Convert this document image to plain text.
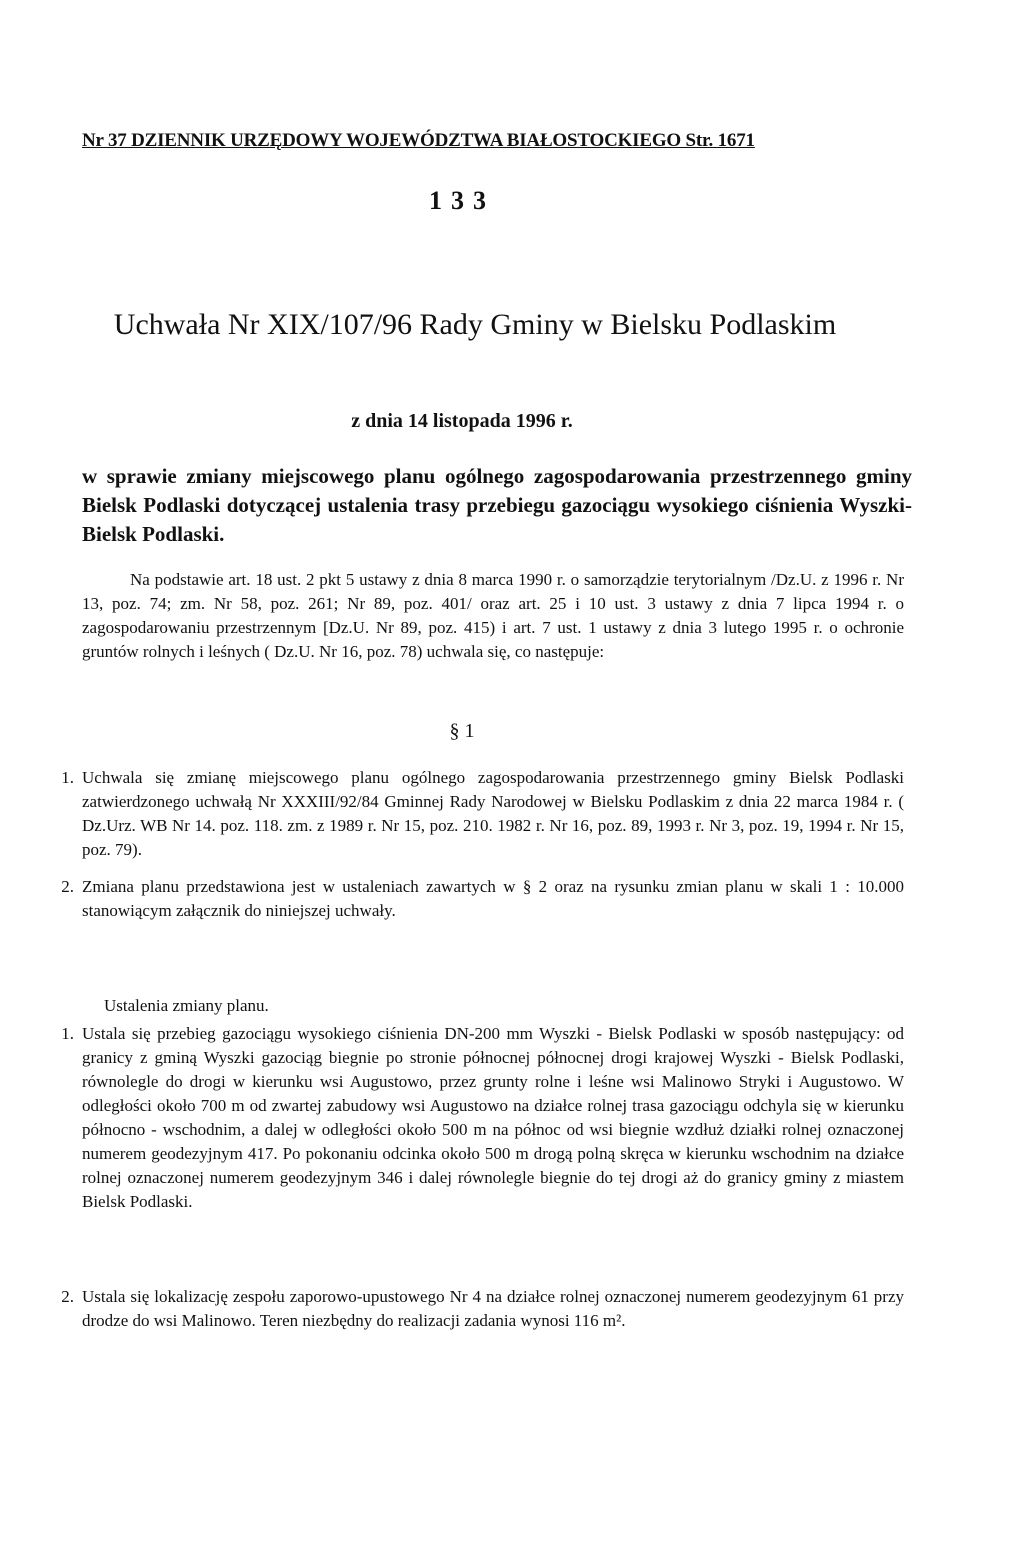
Nr 37 DZIENNIK URZĘDOWY WOJEWÓDZTWA BIAŁOSTOCKIEGO Str. 1671
133
Uchwała Nr XIX/107/96 Rady Gminy w Bielsku Podlaskim
z dnia 14 listopada 1996 r.
w sprawie zmiany miejscowego planu ogólnego zagospodarowania przestrzennego gminy Bielsk Podlaski dotyczącej ustalenia trasy przebiegu gazociągu wysokiego ciśnienia Wyszki- Bielsk Podlaski.
Na podstawie art. 18 ust. 2 pkt 5 ustawy z dnia 8 marca 1990 r. o samorządzie terytorialnym /Dz.U. z 1996 r. Nr 13, poz. 74; zm. Nr 58, poz. 261; Nr 89, poz. 401/ oraz art. 25 i 10 ust. 3 ustawy z dnia 7 lipca 1994 r. o zagospodarowaniu przestrzennym [Dz.U. Nr 89, poz. 415) i art. 7 ust. 1 ustawy z dnia 3 lutego 1995 r. o ochronie gruntów rolnych i leśnych ( Dz.U. Nr 16, poz. 78) uchwala się, co następuje:
§ 1
1. Uchwala się zmianę miejscowego planu ogólnego zagospodarowania przestrzennego gminy Bielsk Podlaski zatwierdzonego uchwałą Nr XXXIII/92/84 Gminnej Rady Narodowej w Bielsku Podlaskim z dnia 22 marca 1984 r. ( Dz.Urz. WB Nr 14. poz. 118. zm. z 1989 r. Nr 15, poz. 210. 1982 r. Nr 16, poz. 89, 1993 r. Nr 3, poz. 19, 1994 r. Nr 15, poz. 79).
2. Zmiana planu przedstawiona jest w ustaleniach zawartych w § 2 oraz na rysunku zmian planu w skali 1 : 10.000 stanowiącym załącznik do niniejszej uchwały.
Ustalenia zmiany planu.
1. Ustala się przebieg gazociągu wysokiego ciśnienia DN-200 mm Wyszki - Bielsk Podlaski w sposób następujący: od granicy z gminą Wyszki gazociąg biegnie po stronie północnej północnej drogi krajowej Wyszki - Bielsk Podlaski, równolegle do drogi w kierunku wsi Augustowo, przez grunty rolne i leśne wsi Malinowo Stryki i Augustowo. W odległości około 700 m od zwartej zabudowy wsi Augustowo na działce rolnej trasa gazociągu odchyla się w kierunku północno - wschodnim, a dalej w odległości około 500 m na północ od wsi biegnie wzdłuż działki rolnej oznaczonej numerem geodezyjnym 417. Po pokonaniu odcinka około 500 m drogą polną skręca w kierunku wschodnim na działce rolnej oznaczonej numerem geodezyjnym 346 i dalej równolegle biegnie do tej drogi aż do granicy gminy z miastem Bielsk Podlaski.
2. Ustala się lokalizację zespołu zaporowo-upustowego Nr 4 na działce rolnej oznaczonej numerem geodezyjnym 61 przy drodze do wsi Malinowo. Teren niezbędny do realizacji zadania wynosi 116 m².
